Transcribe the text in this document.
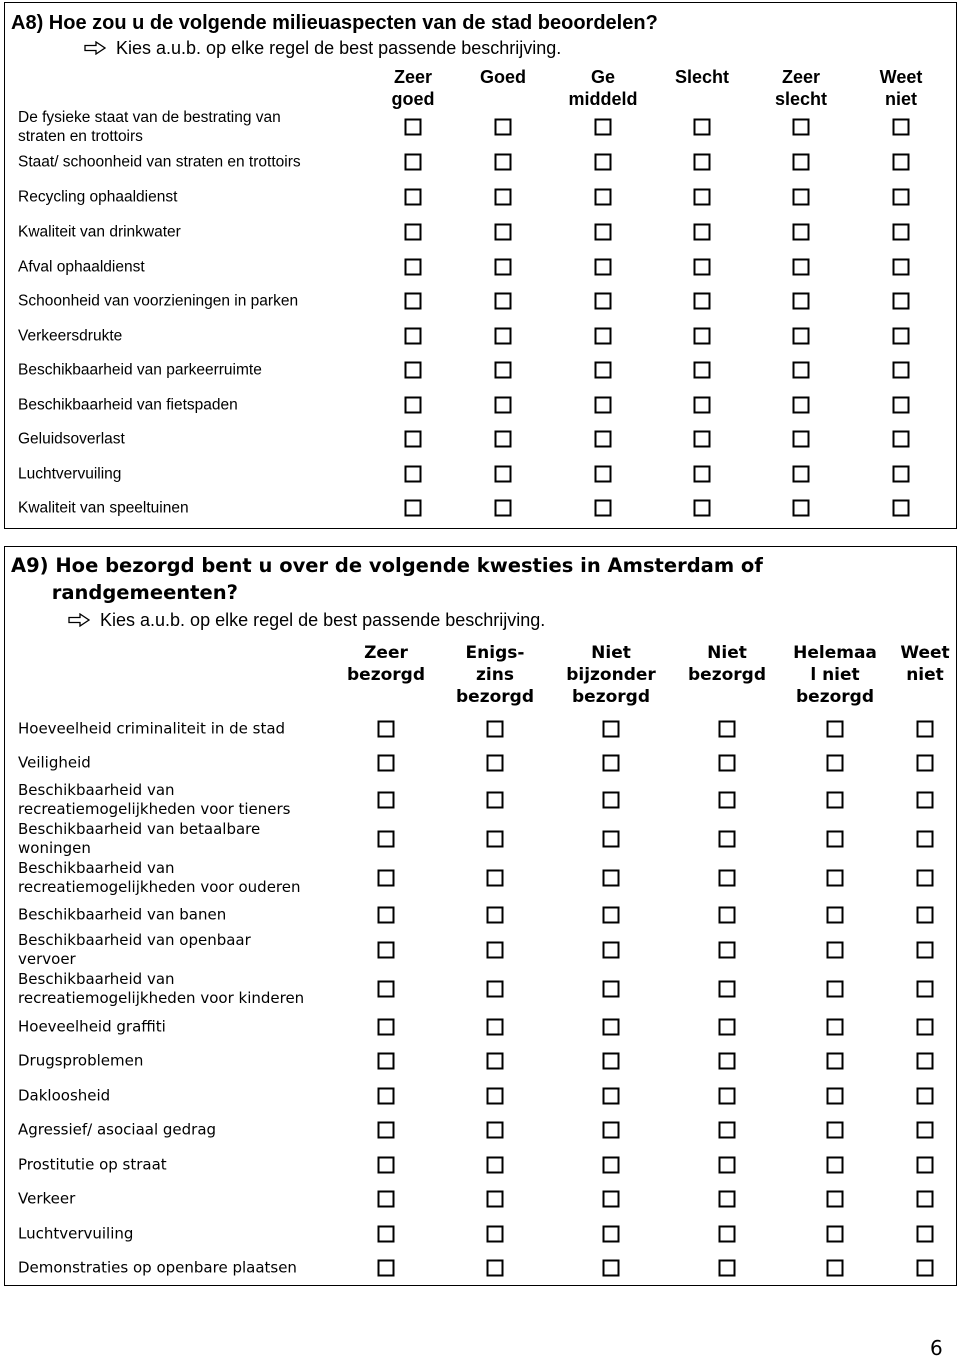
A8) Hoe zou u de volgende milieuaspecten van de stad beoordelen?
Kies a.u.b. op elke regel de best passende beschrijving.
A9) Hoe bezorgd bent u over de volgende kwesties in Amsterdam of
randgemeenten?
Kies a.u.b. op elke regel de best passende beschrijving.
Zeer
goed
Goed	Ge
middeld
Slecht	Zeer
slecht
Weet
niet
De fysieke staat van de bestrating van
straten en trottoirs
Staat/ schoonheid van straten en trottoirs
Recycling ophaaldienst
Kwaliteit van drinkwater
Afval ophaaldienst
Schoonheid van voorzieningen in parken
Verkeersdrukte
Beschikbaarheid van parkeerruimte
Beschikbaarheid van fietspaden
Geluidsoverlast
Luchtvervuiling
Kwaliteit van speeltuinen
Zeer
bezorgd
Enigs-
zins
bezorgd
Niet
bijzonder
bezorgd
Niet
bezorgd
Helemaa
l niet
bezorgd
Weet
niet
Hoeveelheid criminaliteit in de stad
Veiligheid
Beschikbaarheid van
recreatiemogelijkheden voor tieners
Beschikbaarheid van betaalbare
woningen
Beschikbaarheid van
recreatiemogelijkheden voor ouderen
Beschikbaarheid van banen
Beschikbaarheid van openbaar
vervoer
Beschikbaarheid van
recreatiemogelijkheden voor kinderen
Hoeveelheid graffiti
Drugsproblemen
Dakloosheid
Agressief/ asociaal gedrag
Prostitutie op straat
Verkeer
Luchtvervuiling
Demonstraties op openbare plaatsen
6
